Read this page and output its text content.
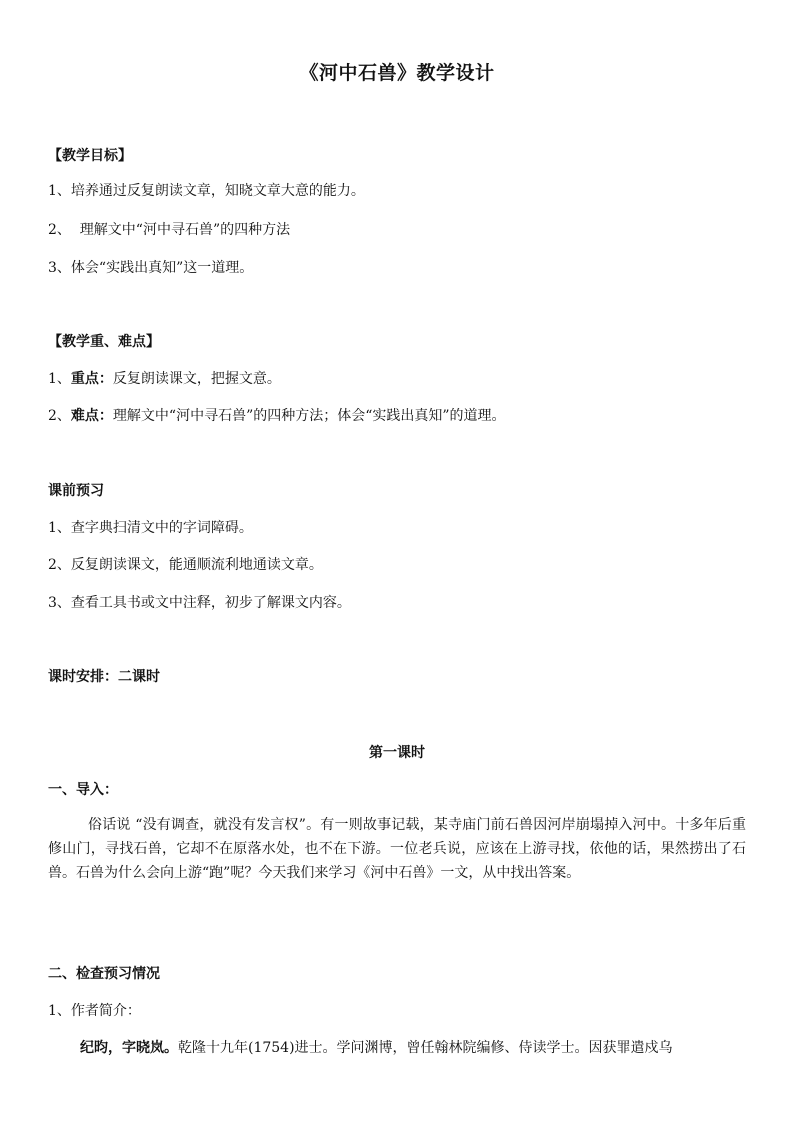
《河中石兽》教学设计
【教学目标】
1、培养通过反复朗读文章，知晓文章大意的能力。
2、  理解文中“河中寻石兽”的四种方法
3、体会“实践出真知”这一道理。
【教学重、难点】
1、重点：反复朗读课文，把握文意。
2、难点：理解文中“河中寻石兽”的四种方法；体会“实践出真知”的道理。
课前预习
1、查字典扫清文中的字词障碍。
2、反复朗读课文，能通顺流利地通读文章。
3、查看工具书或文中注释，初步了解课文内容。
课时安排：二课时
第一课时
一、导入：
俗话说 “没有调查，就没有发言权”。有一则故事记载，某寺庙门前石兽因河岸崩塌掉入河中。十多年后重修山门，寻找石兽，它却不在原落水处，也不在下游。一位老兵说，应该在上游寻找，依他的话，果然捞出了石兽。石兽为什么会向上游“跑”呢？今天我们来学习《河中石兽》一文，从中找出答案。
二、检查预习情况
1、作者简介：
纪昀，字晓岚。乾隆十九年(1754)进士。学问渊博，曾任翰林院编修、侍读学士。因获罪遣戍乌
